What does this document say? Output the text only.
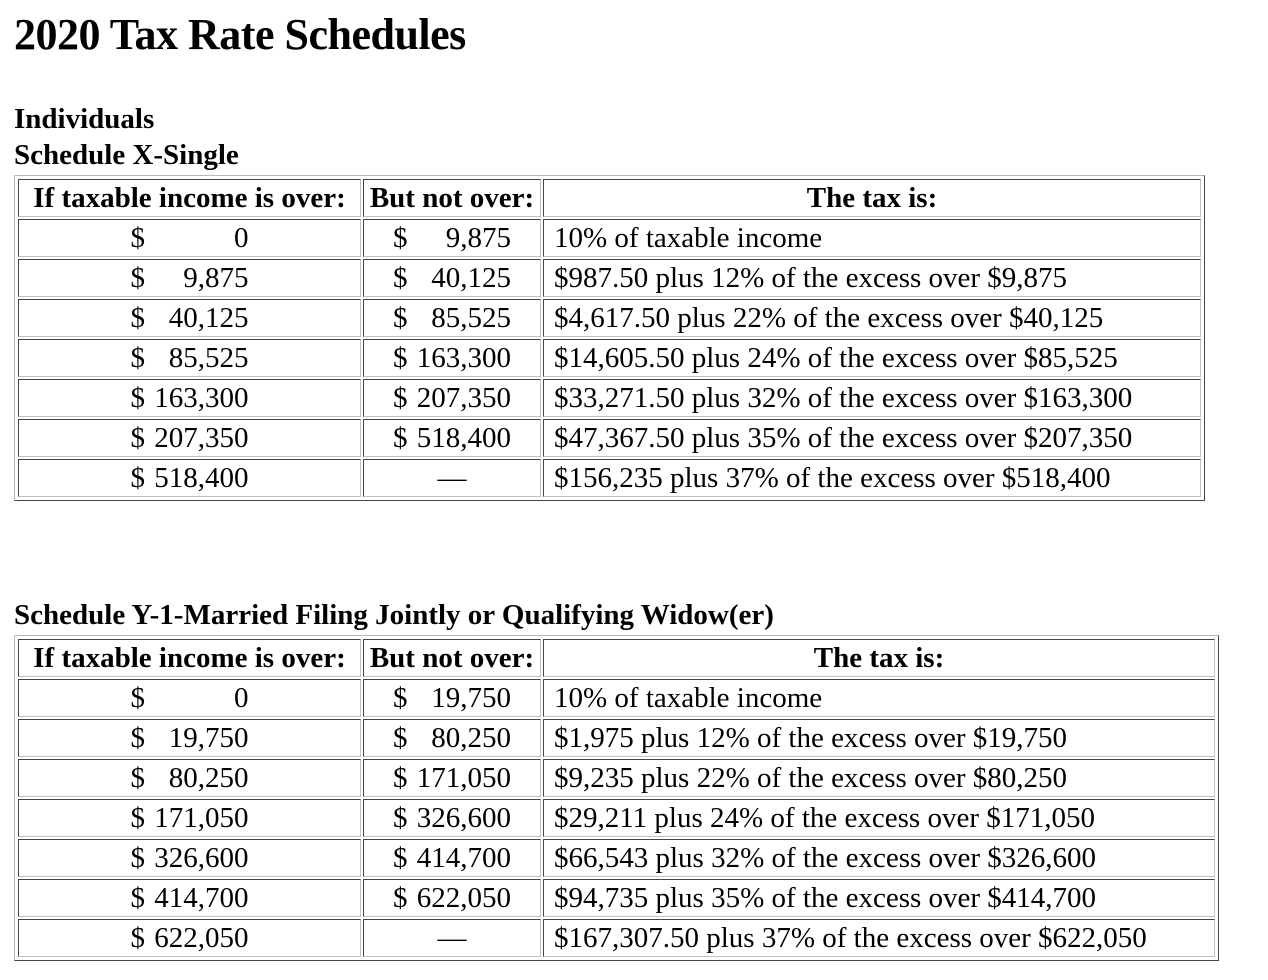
2020 Tax Rate Schedules
Individuals
Schedule X-Single
If taxable income is over:	But not over:	The tax is:
$ 0	$ 9,875	10% of taxable income
$ 9,875	$ 40,125	$987.50 plus 12% of the excess over $9,875
$ 40,125	$ 85,525	$4,617.50 plus 22% of the excess over $40,125
$ 85,525	$ 163,300	$14,605.50 plus 24% of the excess over $85,525
$ 163,300	$ 207,350	$33,271.50 plus 32% of the excess over $163,300
$ 207,350	$ 518,400	$47,367.50 plus 35% of the excess over $207,350
$ 518,400	—	$156,235 plus 37% of the excess over $518,400
Schedule Y-1-Married Filing Jointly or Qualifying Widow(er)
If taxable income is over:	But not over:	The tax is:
$ 0	$ 19,750	10% of taxable income
$ 19,750	$ 80,250	$1,975 plus 12% of the excess over $19,750
$ 80,250	$ 171,050	$9,235 plus 22% of the excess over $80,250
$ 171,050	$ 326,600	$29,211 plus 24% of the excess over $171,050
$ 326,600	$ 414,700	$66,543 plus 32% of the excess over $326,600
$ 414,700	$ 622,050	$94,735 plus 35% of the excess over $414,700
$ 622,050	—	$167,307.50 plus 37% of the excess over $622,050
